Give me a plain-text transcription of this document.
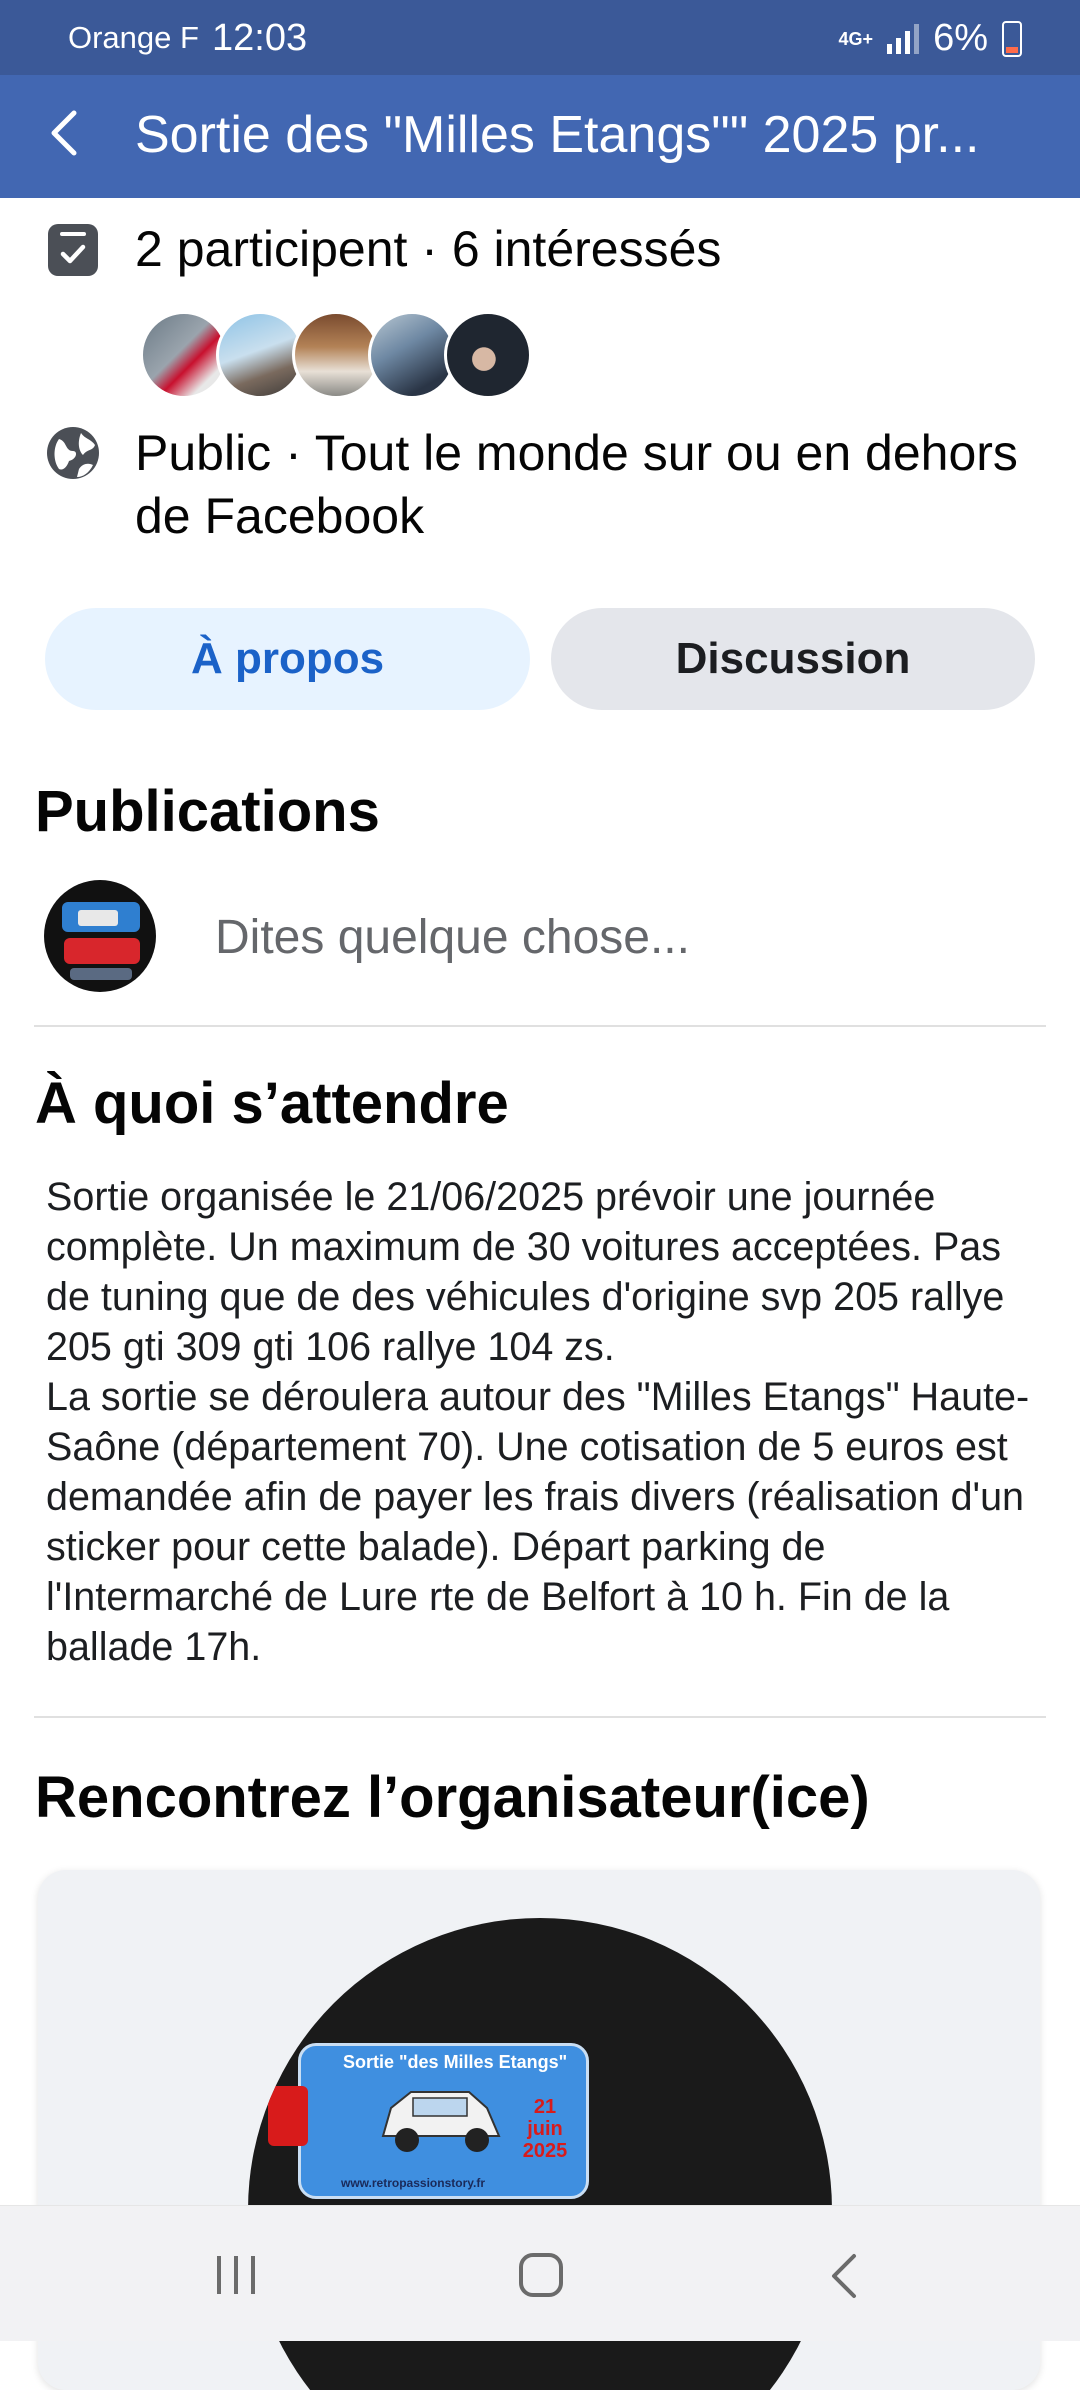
Orange F 12:03	4G+ 6%
Sortie des "Milles Etangs"" 2025 pr...
2 participent · 6 intéressés
Public · Tout le monde sur ou en dehors de Facebook
À propos	Discussion
Publications
Dites quelque chose...
À quoi s’attendre
Sortie organisée le 21/06/2025 prévoir une journée complète. Un maximum de 30 voitures acceptées. Pas de tuning que de des véhicules d'origine svp 205 rallye 205 gti 309 gti 106 rallye 104 zs.
La sortie se déroulera autour des "Milles Etangs" Haute-Saône (département 70). Une cotisation de 5 euros est demandée afin de payer les frais divers (réalisation d'un sticker pour cette balade). Départ parking de l'Intermarché de Lure rte de Belfort à 10 h. Fin de la ballade 17h.
Rencontrez l’organisateur(ice)
Sortie "des Milles Etangs"
21 juin 2025
www.retropassionstory.fr
